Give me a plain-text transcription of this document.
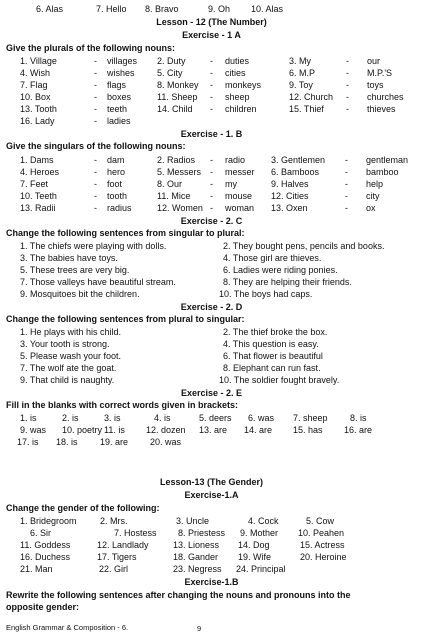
6. Alas	7. Hello 8. Bravo	9. Oh 10. Alas
Lesson - 12 (The Number)
Exercise - 1 A
Give the plurals of the following nouns:
1. Village	- villages 2. Duty	- duties	3. My	- our
4. Wish	- wishes 5. City	- cities	6. M.P	- M.P.'S
7. Flag	- flags	8. Monkey - monkeys	9. Toy	- toys
10. Box	- boxes	11. Sheep - sheep	12. Church - churches
13. Tooth	- teeth	14. Child - children	15. Thief - thieves
16. Lady	- ladies
Exercise - 1. B
Give the singulars of the following nouns:
1. Dams	- dam	2. Radios - radio	3. Gentlemen - gentleman
4. Heroes	- hero	5. Messers - messer 6. Bamboos	- bamboo
7. Feet	- foot	8. Our	- my	9. Halves	- help
10. Teeth	- tooth	11. Mice - mouse 12. Cities	- city
13. Radii	- radius	12. Women - woman 13. Oxen	- ox
Exercise - 2. C
Change the following sentences from singular to plural:
1. The chiefs were playing with dolls.	2. They bought pens, pencils and books.
3. The babies have toys.	4. Those girl are thieves.
5. These trees are very big.	6. Ladies were riding ponies.
7. Those valleys have beautiful stream.	8. They are helping their friends.
9. Mosquitoes bit the children.	10. The boys had caps.
Exercise - 2. D
Change the following sentences from plural to singular:
1. He plays with his child.	2. The thief broke the box.
3. Your tooth is strong.	4. This question is easy.
5. Please wash your foot.	6. That flower is beautiful
7. The wolf ate the goat.	8. Elephant can run fast.
9. That child is naughty.	10. The soldier fought bravely.
Exercise - 2. E
Fill in the blanks with correct words given in brackets:
1. is	2. is	3. is	4. is	5. deers 6. was 7. sheep 8. is
9. was 10. poetry 11. is 12. dozen 13. are 14. are 15. has 16. are
17. is 18. is 19. are 20. was
Lesson-13 (The Gender)
Exercise-1.A
Change the gender of the following:
1. Bridegroom	2. Mrs.	3. Uncle	4. Cock	5. Cow
6. Sir	7. Hostess 8. Priestess 9. Mother 10. Peahen
11. Goddess	12. Landlady	13. Lioness 14. Dog	15. Actress
16. Duchess	17. Tigers	18. Gander 19. Wife	20. Heroine
21. Man	22. Girl	23. Negress 24. Principal
Exercise-1.B
Rewrite the following sentences after changing the nouns and pronouns into the
opposite gender:
English Grammar & Composition - 6.	9
